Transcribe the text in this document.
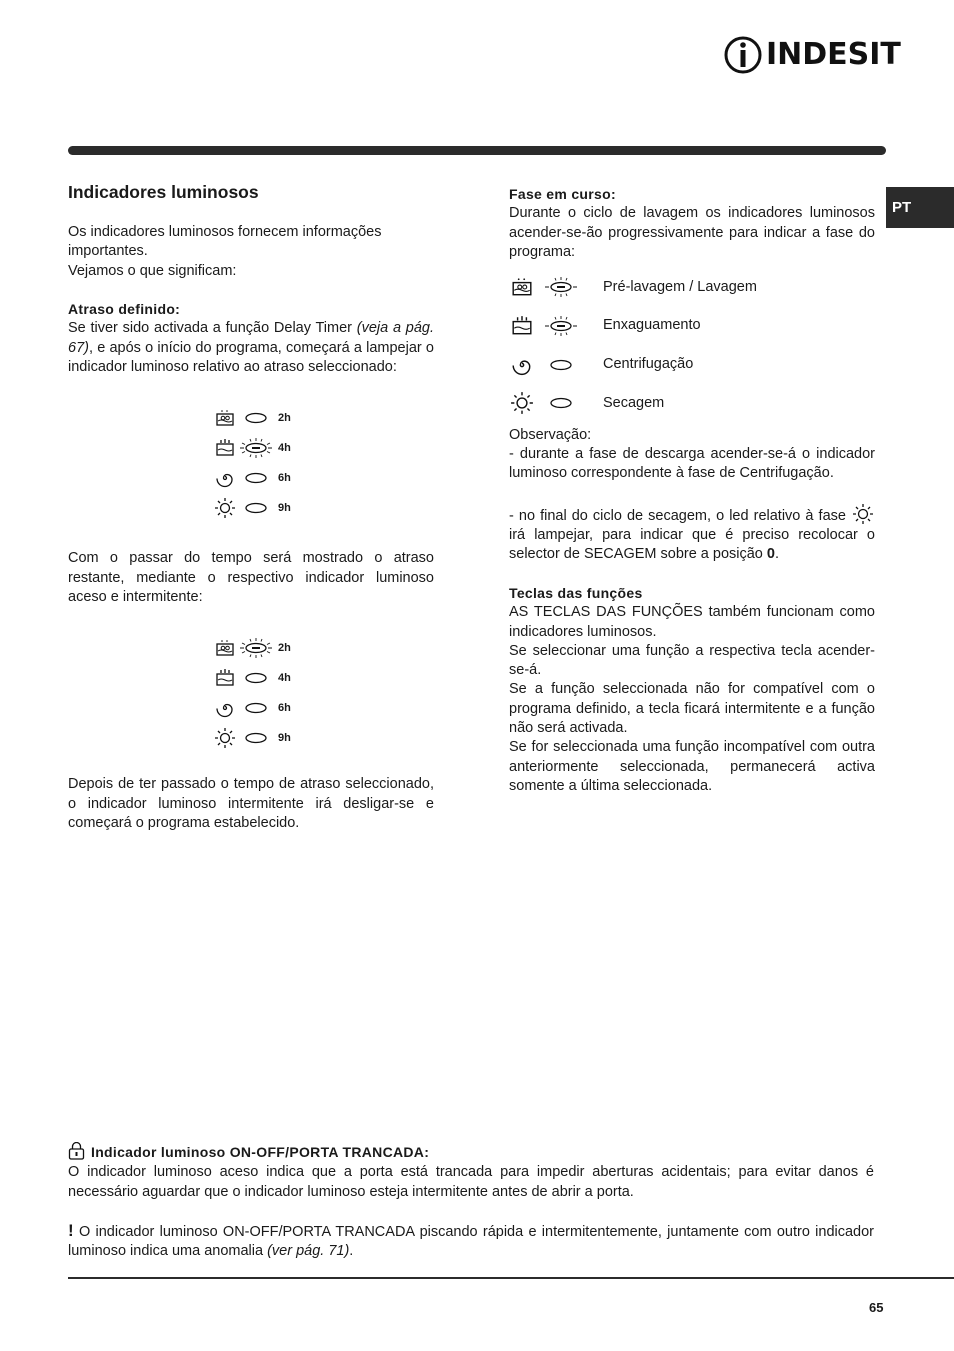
INDESIT
PT
Indicadores luminosos

Os indicadores luminosos fornecem informações importantes.

Vejamos o que significam:

Atraso definido:

Se tiver sido activada a função Delay Timer (veja a pág. 67), e após o início do programa, começará a lampejar o indicador luminoso relativo ao atraso seleccionado:

2h
4h
6h
9h

Com o passar do tempo será mostrado o atraso restante, mediante o respectivo indicador luminoso aceso e intermitente:

2h
4h
6h
9h

Depois de ter passado o tempo de atraso seleccionado, o indicador luminoso intermitente irá desligar-se e começará o programa estabelecido.

Fase em curso:

Durante o ciclo de lavagem os indicadores luminosos acender-se-ão progressivamente para indicar a fase do programa:

Pré-lavagem / Lavagem
Enxaguamento
Centrifugação
Secagem

Observação:

- durante a fase de descarga acender-se-á o indicador luminoso correspondente à fase de Centrifugação.

- no final do ciclo de secagem, o led relativo à fase  irá lampejar, para indicar que é preciso recolocar o selector de SECAGEM sobre a posição 0.

Teclas das funções

AS TECLAS DAS FUNÇÕES também funcionam como indicadores luminosos.

Se seleccionar uma função a respectiva tecla acender-se-á.

Se a função seleccionada não for compatível com o programa definido, a tecla ficará intermitente e a função não será activada.

Se for seleccionada uma função incompatível com outra anteriormente seleccionada, permanecerá activa somente a última seleccionada.

Indicador luminoso ON-OFF/PORTA TRANCADA:

O indicador luminoso aceso indica que a porta está trancada para impedir aberturas acidentais; para evitar danos é necessário aguardar que o indicador luminoso esteja intermitente antes de abrir a porta.

! O indicador luminoso ON-OFF/PORTA TRANCADA piscando rápida e intermitentemente, juntamente com outro indicador luminoso indica uma anomalia (ver pág. 71).

65
